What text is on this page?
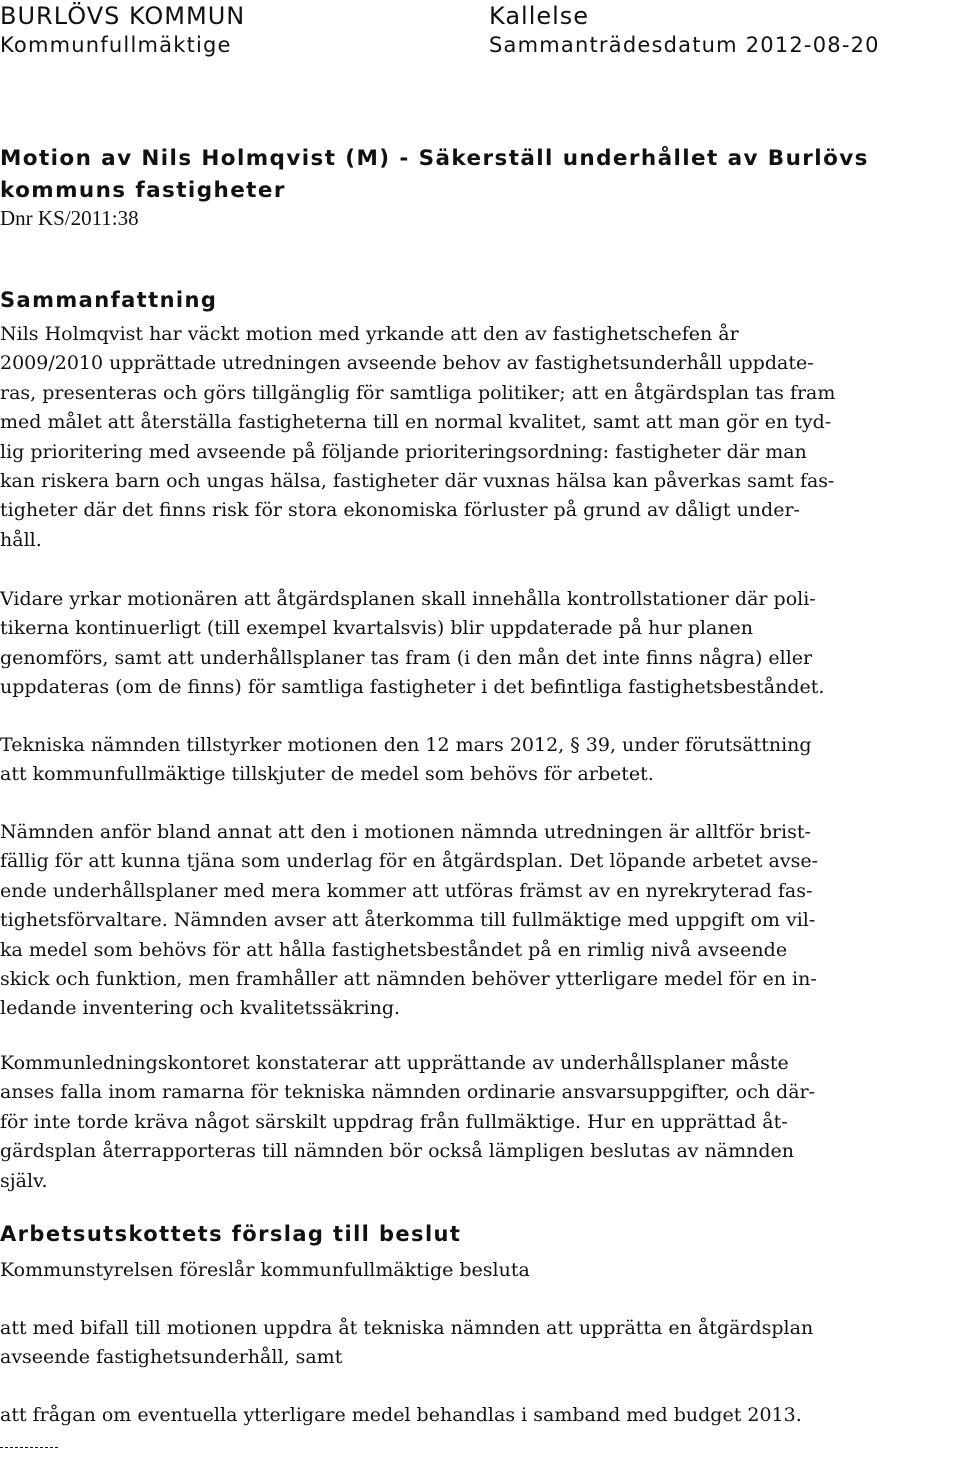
BURLÖVS KOMMUN
Kommunfullmäktige
Kallelse
Sammanträdesdatum 2012-08-20
Motion av Nils Holmqvist (M) - Säkerställ underhållet av Burlövs
kommuns fastigheter
Dnr KS/2011:38
Sammanfattning
Nils Holmqvist har väckt motion med yrkande att den av fastighetschefen år
2009/2010 upprättade utredningen avseende behov av fastighetsunderhåll uppdate-
ras, presenteras och görs tillgänglig för samtliga politiker; att en åtgärdsplan tas fram
med målet att återställa fastigheterna till en normal kvalitet, samt att man gör en tyd-
lig prioritering med avseende på följande prioriteringsordning: fastigheter där man
kan riskera barn och ungas hälsa, fastigheter där vuxnas hälsa kan påverkas samt fas-
tigheter där det finns risk för stora ekonomiska förluster på grund av dåligt under-
håll.
Vidare yrkar motionären att åtgärdsplanen skall innehålla kontrollstationer där poli-
tikerna kontinuerligt (till exempel kvartalsvis) blir uppdaterade på hur planen
genomförs, samt att underhållsplaner tas fram (i den mån det inte finns några) eller
uppdateras (om de finns) för samtliga fastigheter i det befintliga fastighetsbeståndet.
Tekniska nämnden tillstyrker motionen den 12 mars 2012, § 39, under förutsättning
att kommunfullmäktige tillskjuter de medel som behövs för arbetet.
Nämnden anför bland annat att den i motionen nämnda utredningen är alltför brist-
fällig för att kunna tjäna som underlag för en åtgärdsplan. Det löpande arbetet avse-
ende underhållsplaner med mera kommer att utföras främst av en nyrekryterad fas-
tighetsförvaltare. Nämnden avser att återkomma till fullmäktige med uppgift om vil-
ka medel som behövs för att hålla fastighetsbeståndet på en rimlig nivå avseende
skick och funktion, men framhåller att nämnden behöver ytterligare medel för en in-
ledande inventering och kvalitetssäkring.
Kommunledningskontoret konstaterar att upprättande av underhållsplaner måste
anses falla inom ramarna för tekniska nämnden ordinarie ansvarsuppgifter, och där-
för inte torde kräva något särskilt uppdrag från fullmäktige. Hur en upprättad åt-
gärdsplan återrapporteras till nämnden bör också lämpligen beslutas av nämnden
själv.
Arbetsutskottets förslag till beslut
Kommunstyrelsen föreslår kommunfullmäktige besluta
att med bifall till motionen uppdra åt tekniska nämnden att upprätta en åtgärdsplan
avseende fastighetsunderhåll, samt
att frågan om eventuella ytterligare medel behandlas i samband med budget 2013.
